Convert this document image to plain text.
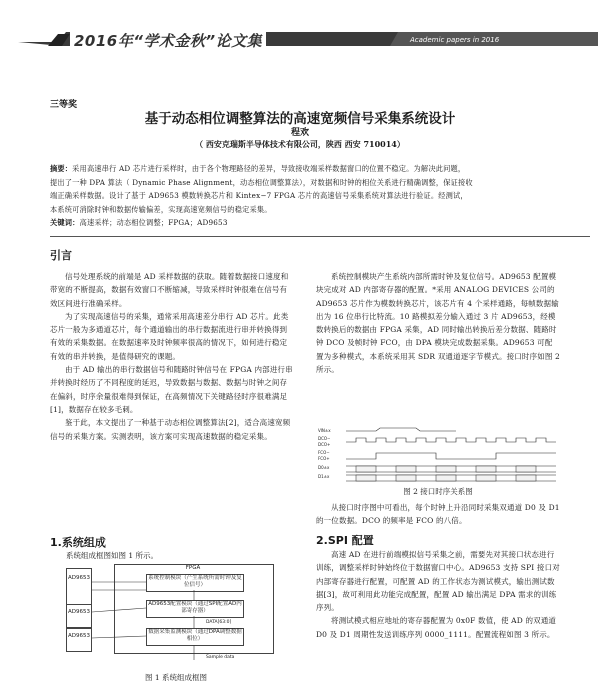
2016年“学术金秋”论文集	Academic papers in 2016
三等奖
基于动态相位调整算法的高速宽频信号采集系统设计
程欢
（ 西安克瑞斯半导体技术有限公司，陕西 西安 710014）
摘要：采用高速串行 AD 芯片进行采样时，由于各个物理路径的差异，导致接收端采样数据窗口的位置不稳定。为解决此问题，
提出了一种 DPA 算法（ Dynamic Phase Alignment，动态相位调整算法），对数据和时钟的相位关系进行精确调整，保证接收
端正确采样数据。设计了基于 AD9653 模数转换芯片和 Kintex−7 FPGA 芯片的高速信号采集系统对算法进行验证。经测试，
本系统可消除时钟和数据传输偏差，实现高速宽频信号的稳定采集。
关键词：高速采样；动态相位调整；FPGA；AD9653
引言

信号处理系统的前端是 AD 采样数据的获取。随着数据接口速度和带宽的不断提高，数据有效窗口不断缩减，导致采样时钟很难在信号有效区间进行准确采样。

为了实现高速信号的采集，通常采用高速差分串行 AD 芯片。此类芯片一般为多通道芯片，每个通道输出的串行数据流进行串并转换得到有效的采集数据。在数据速率及时钟频率很高的情况下，如何进行稳定有效的串并转换，是值得研究的课题。

由于 AD 输出的串行数据信号和随路时钟信号在 FPGA 内部进行串并转换时经历了不同程度的延迟，导致数据与数据、数据与时钟之间存在偏斜，时序余量很难得到保证，在高频情况下关键路径时序很难满足[1]，数据存在较多毛刺。

鉴于此，本文提出了一种基于动态相位调整算法[2]，适合高速宽频信号的采集方案。实测表明，该方案可实现高速数据的稳定采集。

系统控制模块产生系统内部所需时钟及复位信号。AD9653 配置模块完成对 AD 内部寄存器的配置。*采用 ANALOG DEVICES 公司的 AD9653 芯片作为模数转换芯片，该芯片有 4 个采样通路，每帧数据输出为 16 位串行比特流。10 路模拟差分输入通过 3 片 AD9653，经模数转换后的数据由 FPGA 采集，AD 同时输出转换后差分数据、随路时钟 DCO 及帧时钟 FCO，由 DPA 模块完成数据采集。AD9653 可配置为多种模式，本系统采用其 SDR 双通道逐字节模式。接口时序如图 2 所示。

VIN±x
DCO−
DCO+
FCO−
FCO+
D0±x
D1±x
图 2 接口时序关系图

从接口时序图中可看出，每个时钟上升沿同时采集双通道 D0 及 D1 的一位数据。DCO 的频率是 FCO 的八倍。

1.系统组成
系统组成框图如图 1 所示。
AD9653
AD9653
AD9653
FPGA
系统控制模块（产生系统所需时钟及复位信号）
AD9653配置模块（通过SPI配置AD内部寄存器）
数据采集监测模块（通过DPA调整数据相位）
DATA[63:0]
Sample data
图 1 系统组成框图
2.SPI 配置

高速 AD 在进行前端模拟信号采集之前，需要先对其接口状态进行训练，调整采样时钟始终位于数据窗口中心。AD9653 支持 SPI 接口对内部寄存器进行配置，可配置 AD 的工作状态为测试模式，输出测试数据[3]，故可利用此功能完成配置，配置 AD 输出满足 DPA 需求的训练序列。

将测试模式相应地址的寄存器配置为 0x0F 数值，使 AD 的双通道 D0 及 D1 周期性发送训练序列 0000_1111。配置流程如图 3 所示。
